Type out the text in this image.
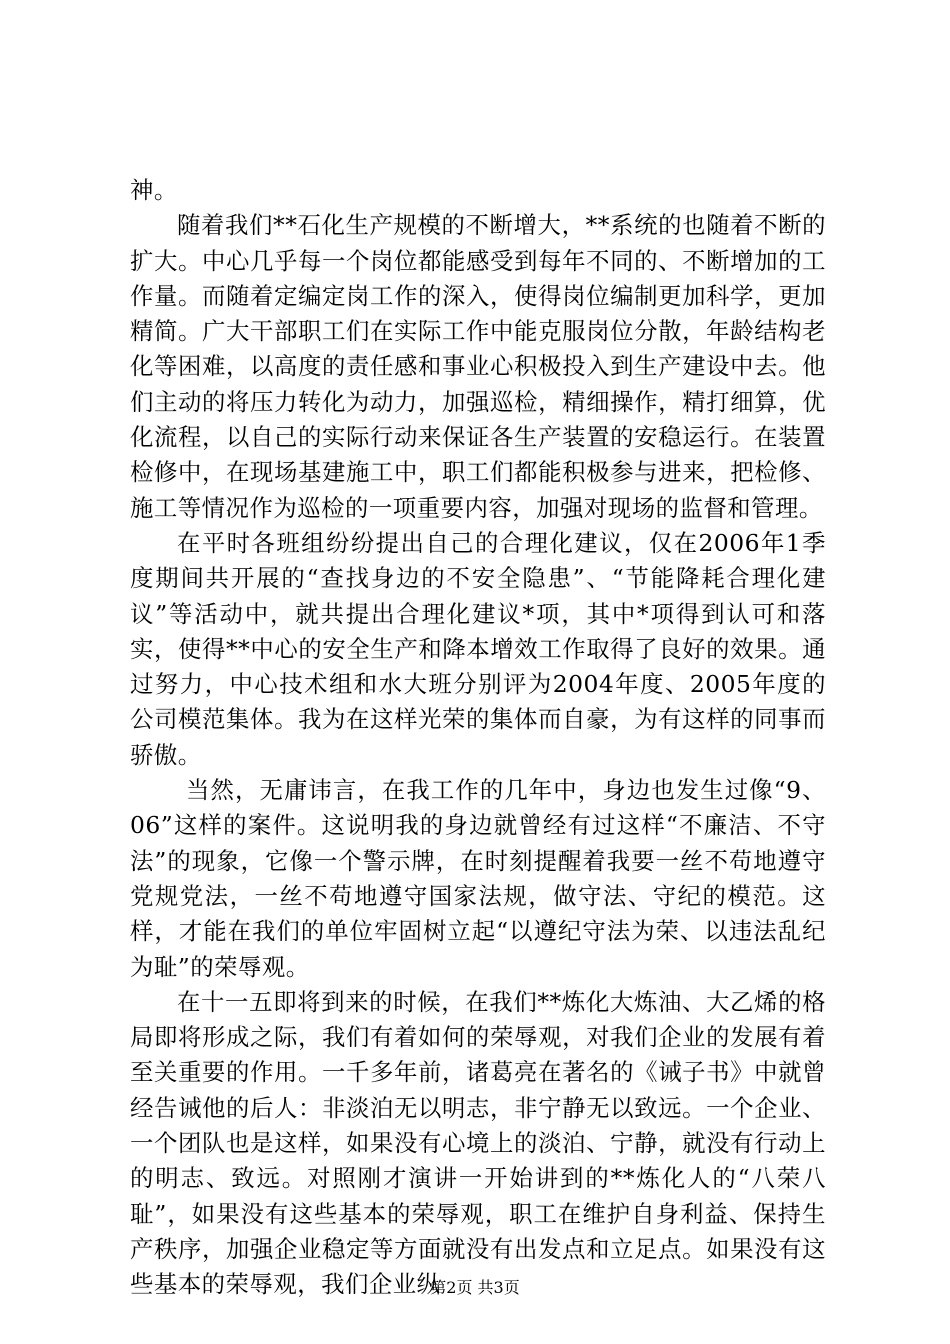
神。

随着我们**石化生产规模的不断增大，**系统的也随着不断的扩大。中心几乎每一个岗位都能感受到每年不同的、不断增加的工作量。而随着定编定岗工作的深入，使得岗位编制更加科学，更加精简。广大干部职工们在实际工作中能克服岗位分散，年龄结构老化等困难，以高度的责任感和事业心积极投入到生产建设中去。他们主动的将压力转化为动力，加强巡检，精细操作，精打细算，优化流程，以自己的实际行动来保证各生产装置的安稳运行。在装置检修中，在现场基建施工中，职工们都能积极参与进来，把检修、施工等情况作为巡检的一项重要内容，加强对现场的监督和管理。

在平时各班组纷纷提出自己的合理化建议，仅在2006年1季度期间共开展的“查找身边的不安全隐患”、“节能降耗合理化建议”等活动中，就共提出合理化建议*项，其中*项得到认可和落实，使得**中心的安全生产和降本增效工作取得了良好的效果。通过努力，中心技术组和水大班分别评为2004年度、2005年度的公司模范集体。我为在这样光荣的集体而自豪，为有这样的同事而骄傲。

当然，无庸讳言，在我工作的几年中，身边也发生过像“9、06”这样的案件。这说明我的身边就曾经有过这样“不廉洁、不守法”的现象，它像一个警示牌，在时刻提醒着我要一丝不苟地遵守党规党法，一丝不苟地遵守国家法规，做守法、守纪的模范。这样，才能在我们的单位牢固树立起“以遵纪守法为荣、以违法乱纪为耻”的荣辱观。

在十一五即将到来的时候，在我们**炼化大炼油、大乙烯的格局即将形成之际，我们有着如何的荣辱观，对我们企业的发展有着至关重要的作用。一千多年前，诸葛亮在著名的《诫子书》中就曾经告诫他的后人：非淡泊无以明志，非宁静无以致远。一个企业、一个团队也是这样，如果没有心境上的淡泊、宁静，就没有行动上的明志、致远。对照刚才演讲一开始讲到的**炼化人的“八荣八耻”，如果没有这些基本的荣辱观，职工在维护自身利益、保持生产秩序，加强企业稳定等方面就没有出发点和立足点。如果没有这些基本的荣辱观，我们企业纵

第2页 共3页
